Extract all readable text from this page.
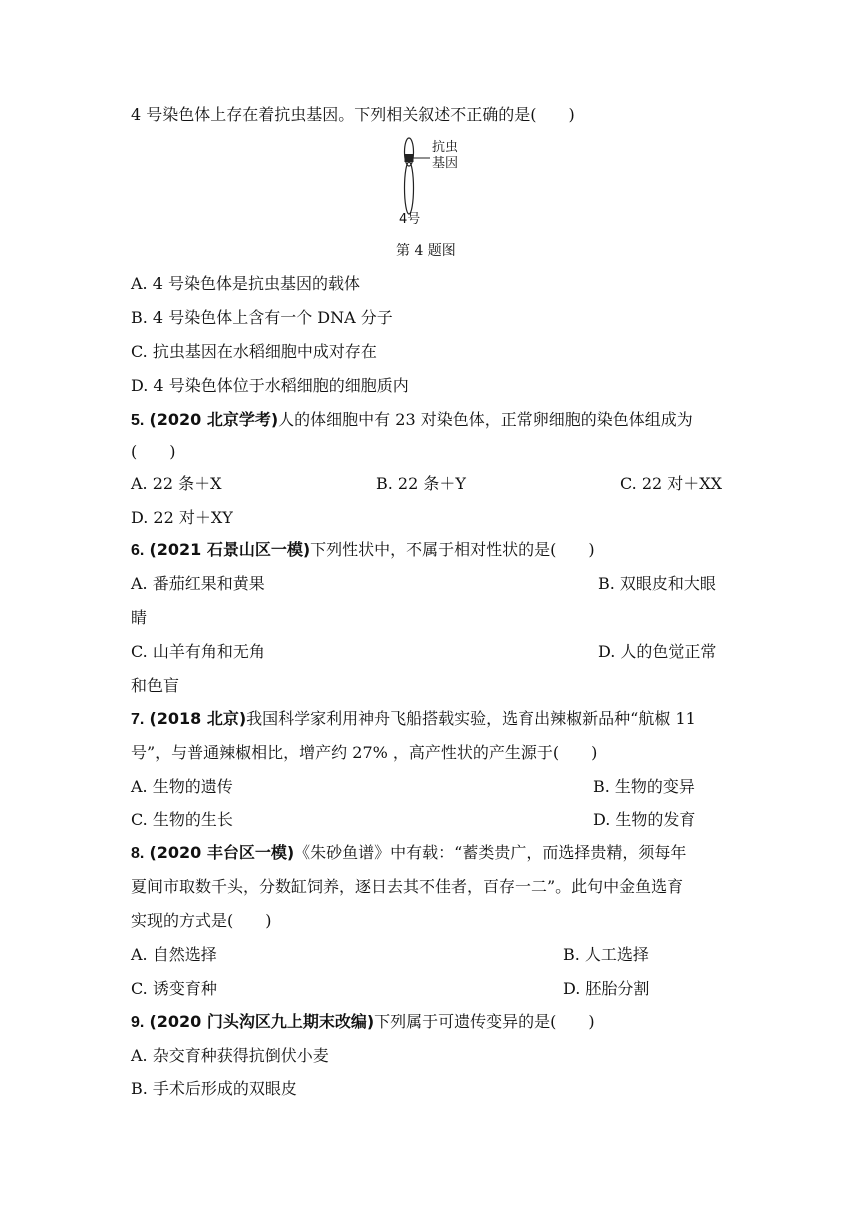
4 号染色体上存在着抗虫基因。下列相关叙述不正确的是(　　)
抗虫
基因
4号
第 4 题图
A. 4 号染色体是抗虫基因的载体
B. 4 号染色体上含有一个 DNA 分子
C. 抗虫基因在水稻细胞中成对存在
D. 4 号染色体位于水稻细胞的细胞质内
5. (2020 北京学考)人的体细胞中有 23 对染色体，正常卵细胞的染色体组成为
(　　)
A. 22 条＋X	B. 22 条＋Y	C. 22 对＋XX
D. 22 对＋XY
6. (2021 石景山区一模)下列性状中，不属于相对性状的是(　　)
A. 番茄红果和黄果	B. 双眼皮和大眼
睛
C. 山羊有角和无角	D. 人的色觉正常
和色盲
7. (2018 北京)我国科学家利用神舟飞船搭载实验，选育出辣椒新品种“航椒 11
号”，与普通辣椒相比，增产约 27% ，高产性状的产生源于(　　)
A. 生物的遗传	B. 生物的变异
C. 生物的生长	D. 生物的发育
8. (2020 丰台区一模)《朱砂鱼谱》中有载：“蓄类贵广，而选择贵精，须每年
夏间市取数千头，分数缸饲养，逐日去其不佳者，百存一二”。此句中金鱼选育
实现的方式是(　　)
A. 自然选择	B. 人工选择
C. 诱变育种	D. 胚胎分割
9. (2020 门头沟区九上期末改编)下列属于可遗传变异的是(　　)
A. 杂交育种获得抗倒伏小麦
B. 手术后形成的双眼皮
